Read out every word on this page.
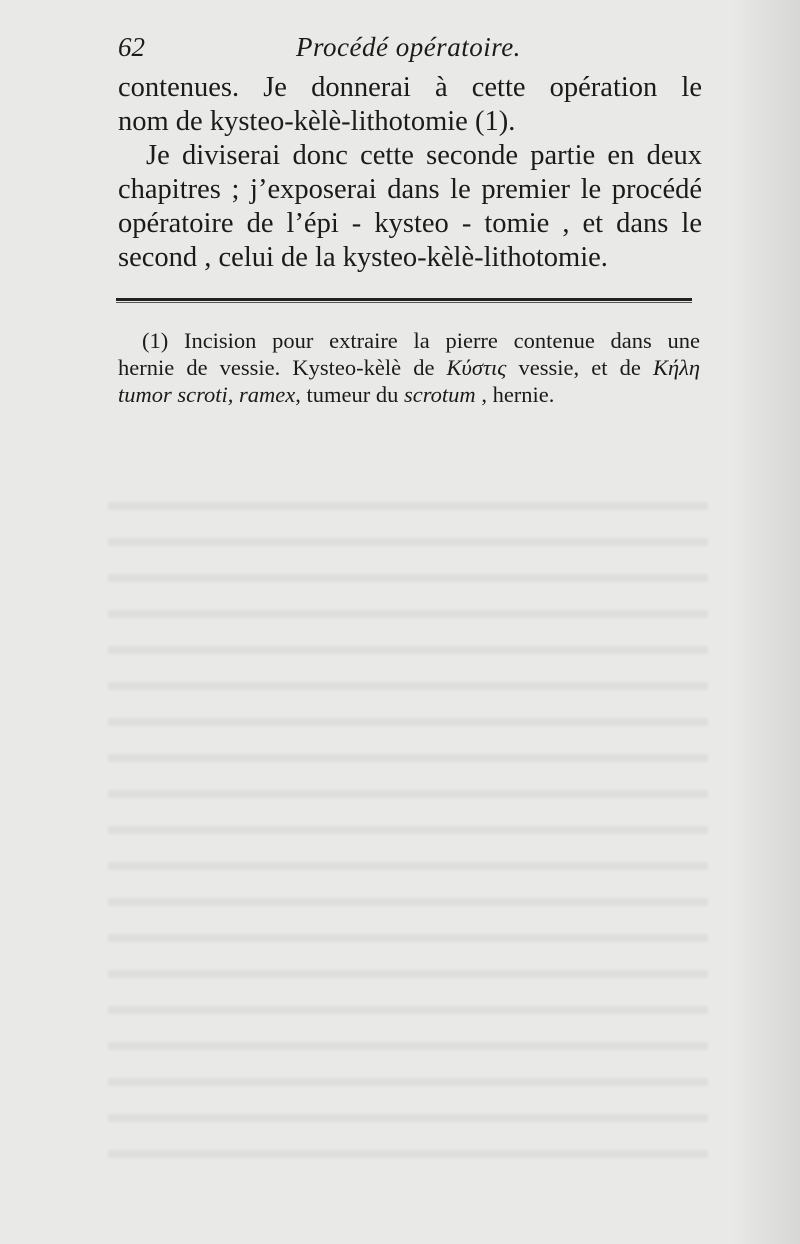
62	Procédé opératoire.
contenues. Je donnerai à cette opération le
nom de kysteo-kèlè-lithotomie (1).
Je diviserai donc cette seconde partie en deux
chapitres ; j’exposerai dans le premier le procédé
opératoire de l’épi - kysteo - tomie , et dans le
second , celui de la kysteo-kèlè-lithotomie.
(1) Incision pour extraire la pierre contenue dans une
hernie de vessie. Kysteo-kèlè de Κύστις vessie, et de Κήλη
tumor scroti, ramex, tumeur du scrotum , hernie.
